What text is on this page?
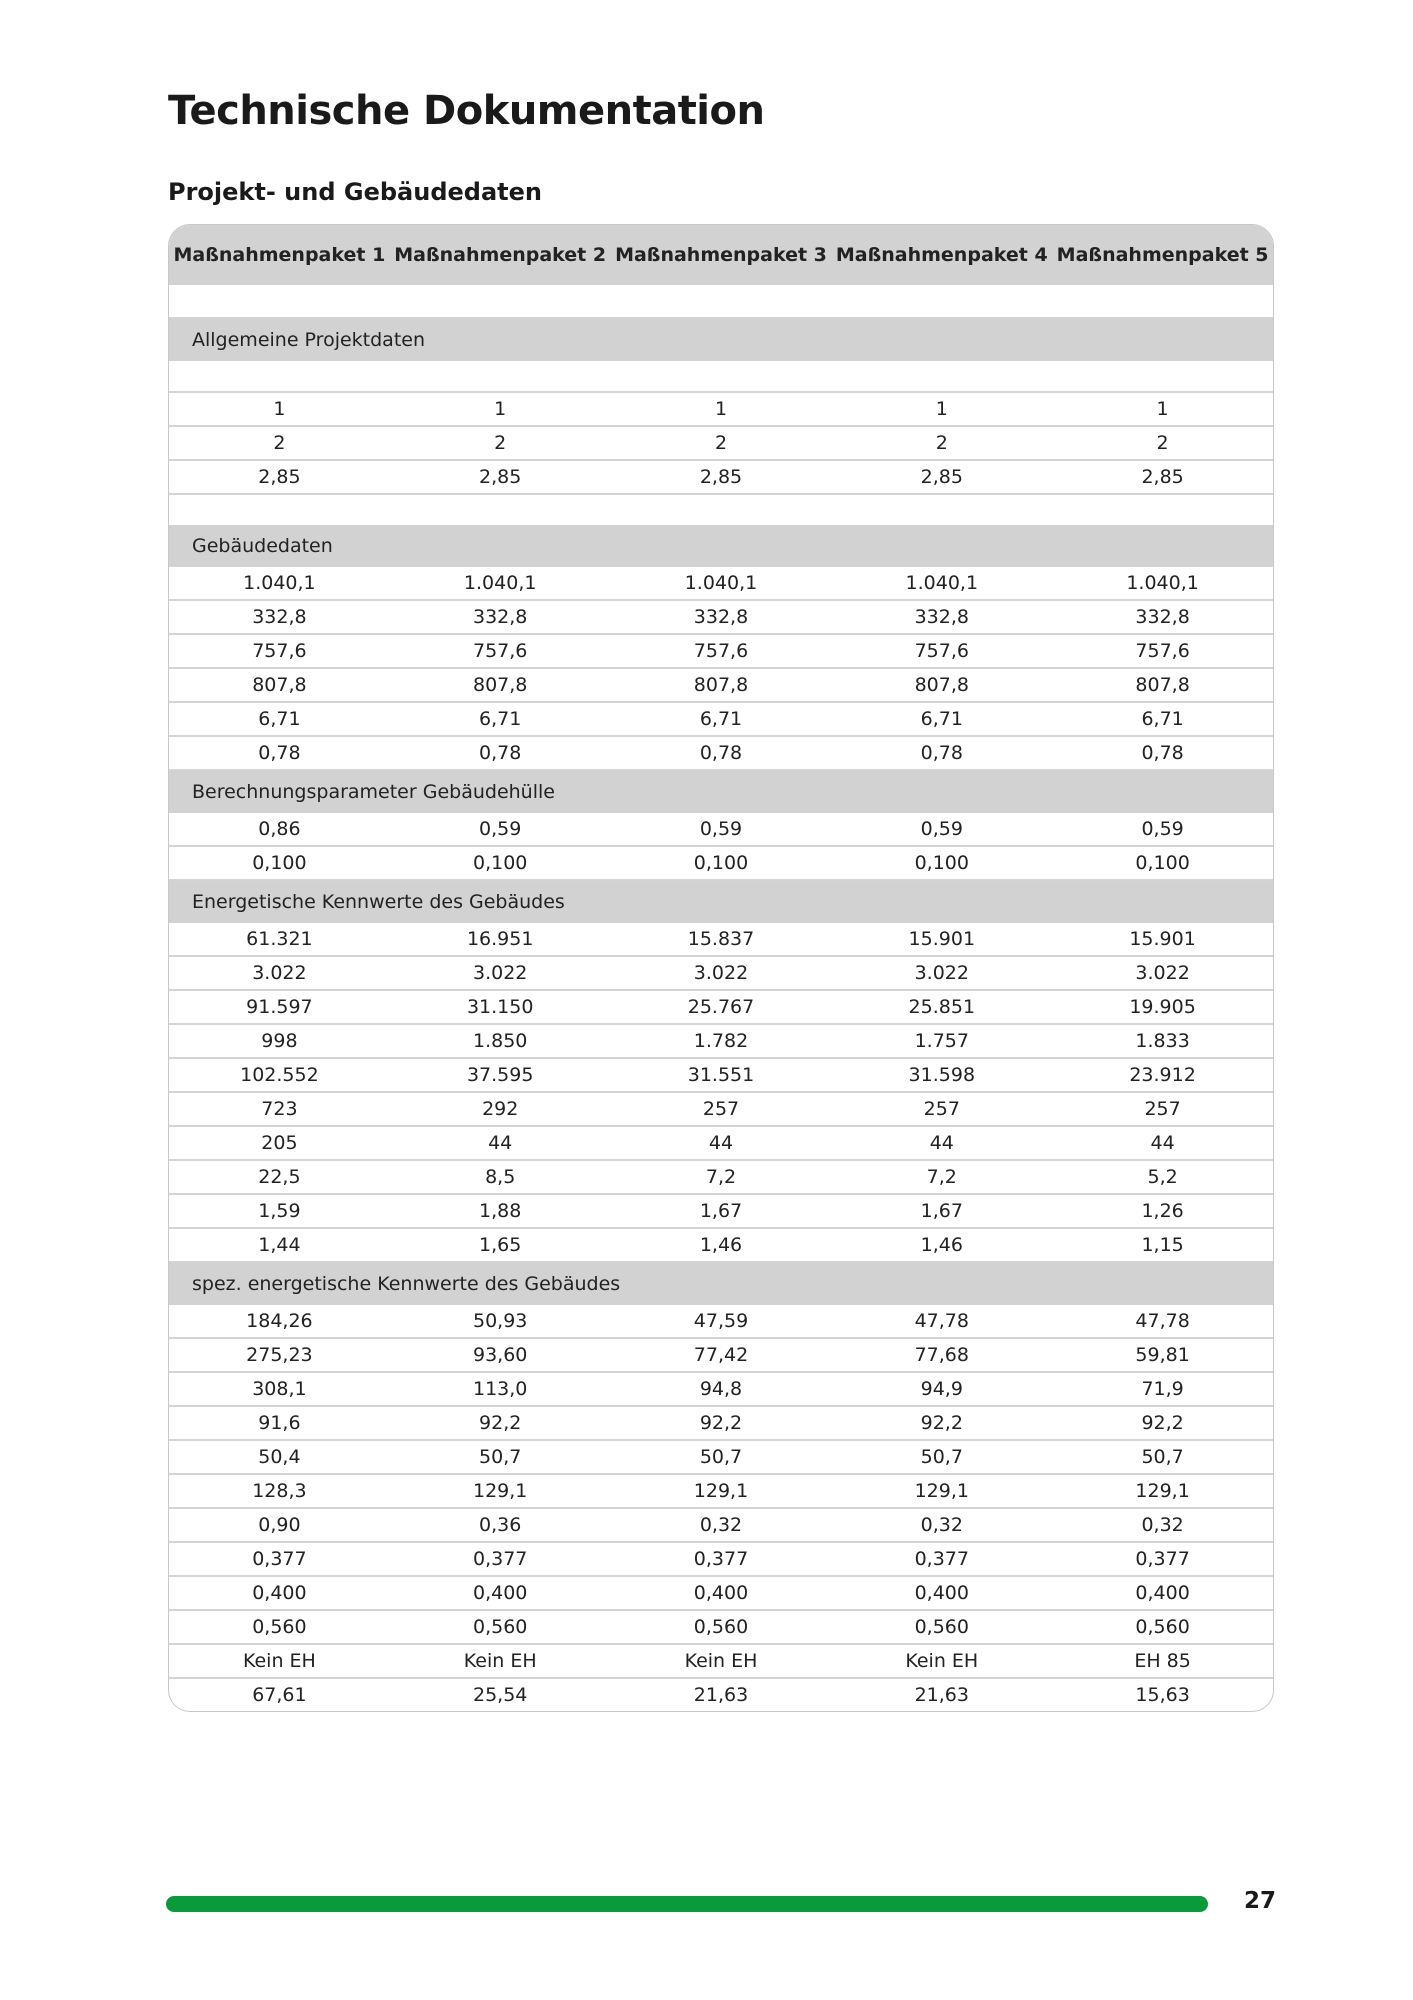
Technische Dokumentation
Projekt- und Gebäudedaten
Maßnahmenpaket 1	Maßnahmenpaket 2	Maßnahmenpaket 3	Maßnahmenpaket 4	Maßnahmenpaket 5

Allgemeine Projektdaten				

1	1	1	1	1
2	2	2	2	2
2,85	2,85	2,85	2,85	2,85

Gebäudedaten				
1.040,1	1.040,1	1.040,1	1.040,1	1.040,1
332,8	332,8	332,8	332,8	332,8
757,6	757,6	757,6	757,6	757,6
807,8	807,8	807,8	807,8	807,8
6,71	6,71	6,71	6,71	6,71
0,78	0,78	0,78	0,78	0,78
Berechnungsparameter Gebäudehülle				
0,86	0,59	0,59	0,59	0,59
0,100	0,100	0,100	0,100	0,100
Energetische Kennwerte des Gebäudes				
61.321	16.951	15.837	15.901	15.901
3.022	3.022	3.022	3.022	3.022
91.597	31.150	25.767	25.851	19.905
998	1.850	1.782	1.757	1.833
102.552	37.595	31.551	31.598	23.912
723	292	257	257	257
205	44	44	44	44
22,5	8,5	7,2	7,2	5,2
1,59	1,88	1,67	1,67	1,26
1,44	1,65	1,46	1,46	1,15
spez. energetische Kennwerte des Gebäudes				
184,26	50,93	47,59	47,78	47,78
275,23	93,60	77,42	77,68	59,81
308,1	113,0	94,8	94,9	71,9
91,6	92,2	92,2	92,2	92,2
50,4	50,7	50,7	50,7	50,7
128,3	129,1	129,1	129,1	129,1
0,90	0,36	0,32	0,32	0,32
0,377	0,377	0,377	0,377	0,377
0,400	0,400	0,400	0,400	0,400
0,560	0,560	0,560	0,560	0,560
Kein EH	Kein EH	Kein EH	Kein EH	EH 85
67,61	25,54	21,63	21,63	15,63
27
